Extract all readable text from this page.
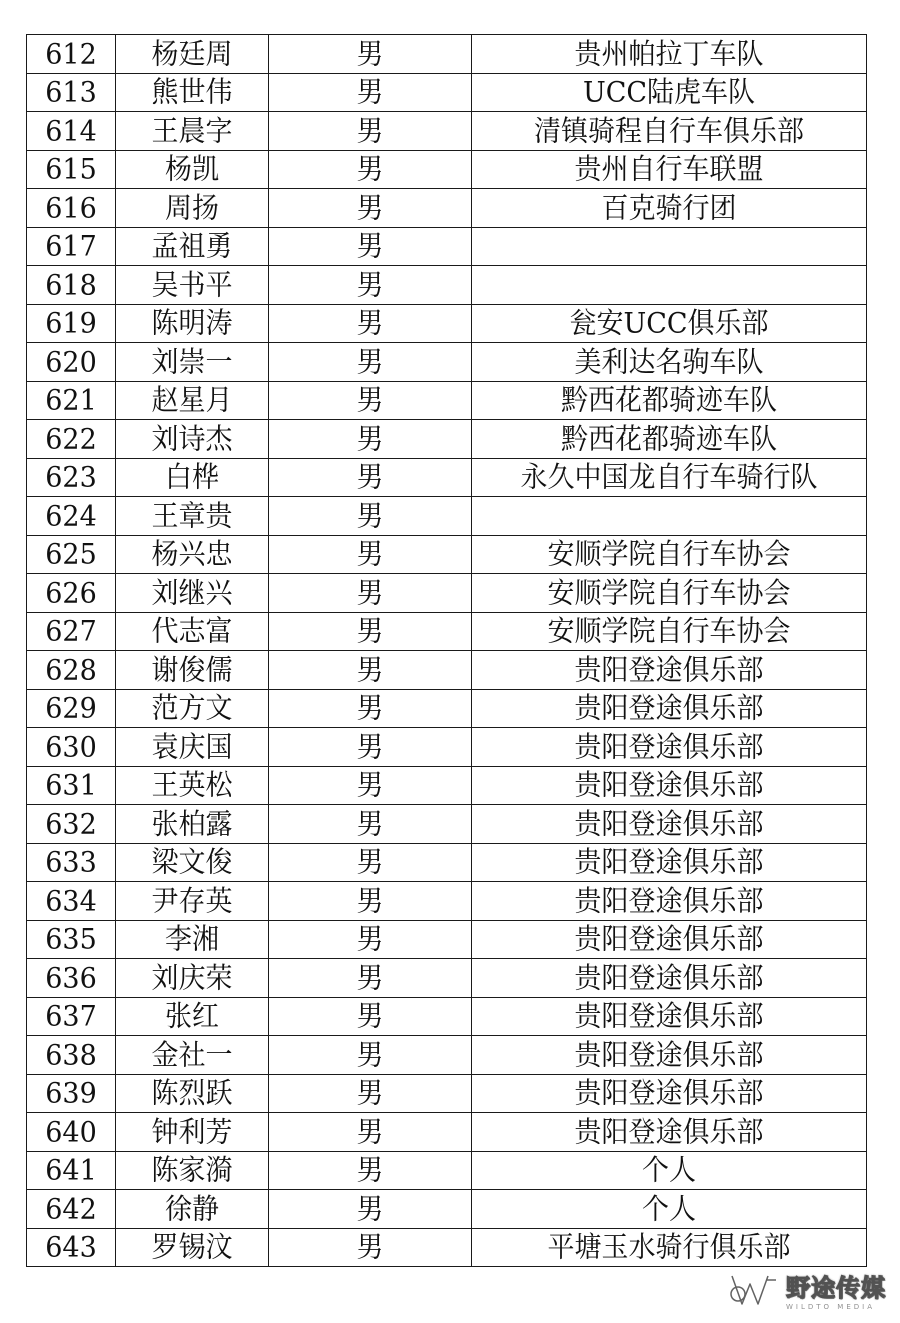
612	杨廷周	男	贵州帕拉丁车队
613	熊世伟	男	UCC陆虎车队
614	王晨字	男	清镇骑程自行车俱乐部
615	杨凯	男	贵州自行车联盟
616	周扬	男	百克骑行团
617	孟祖勇	男	
618	吴书平	男	
619	陈明涛	男	瓮安UCC俱乐部
620	刘崇一	男	美利达名驹车队
621	赵星月	男	黔西花都骑迹车队
622	刘诗杰	男	黔西花都骑迹车队
623	白桦	男	永久中国龙自行车骑行队
624	王章贵	男	
625	杨兴忠	男	安顺学院自行车协会
626	刘继兴	男	安顺学院自行车协会
627	代志富	男	安顺学院自行车协会
628	谢俊儒	男	贵阳登途俱乐部
629	范方文	男	贵阳登途俱乐部
630	袁庆国	男	贵阳登途俱乐部
631	王英松	男	贵阳登途俱乐部
632	张柏露	男	贵阳登途俱乐部
633	梁文俊	男	贵阳登途俱乐部
634	尹存英	男	贵阳登途俱乐部
635	李湘	男	贵阳登途俱乐部
636	刘庆荣	男	贵阳登途俱乐部
637	张红	男	贵阳登途俱乐部
638	金社一	男	贵阳登途俱乐部
639	陈烈跃	男	贵阳登途俱乐部
640	钟利芳	男	贵阳登途俱乐部
641	陈家漪	男	个人
642	徐静	男	个人
643	罗锡汶	男	平塘玉水骑行俱乐部
野途传媒
WILDTO MEDIA
